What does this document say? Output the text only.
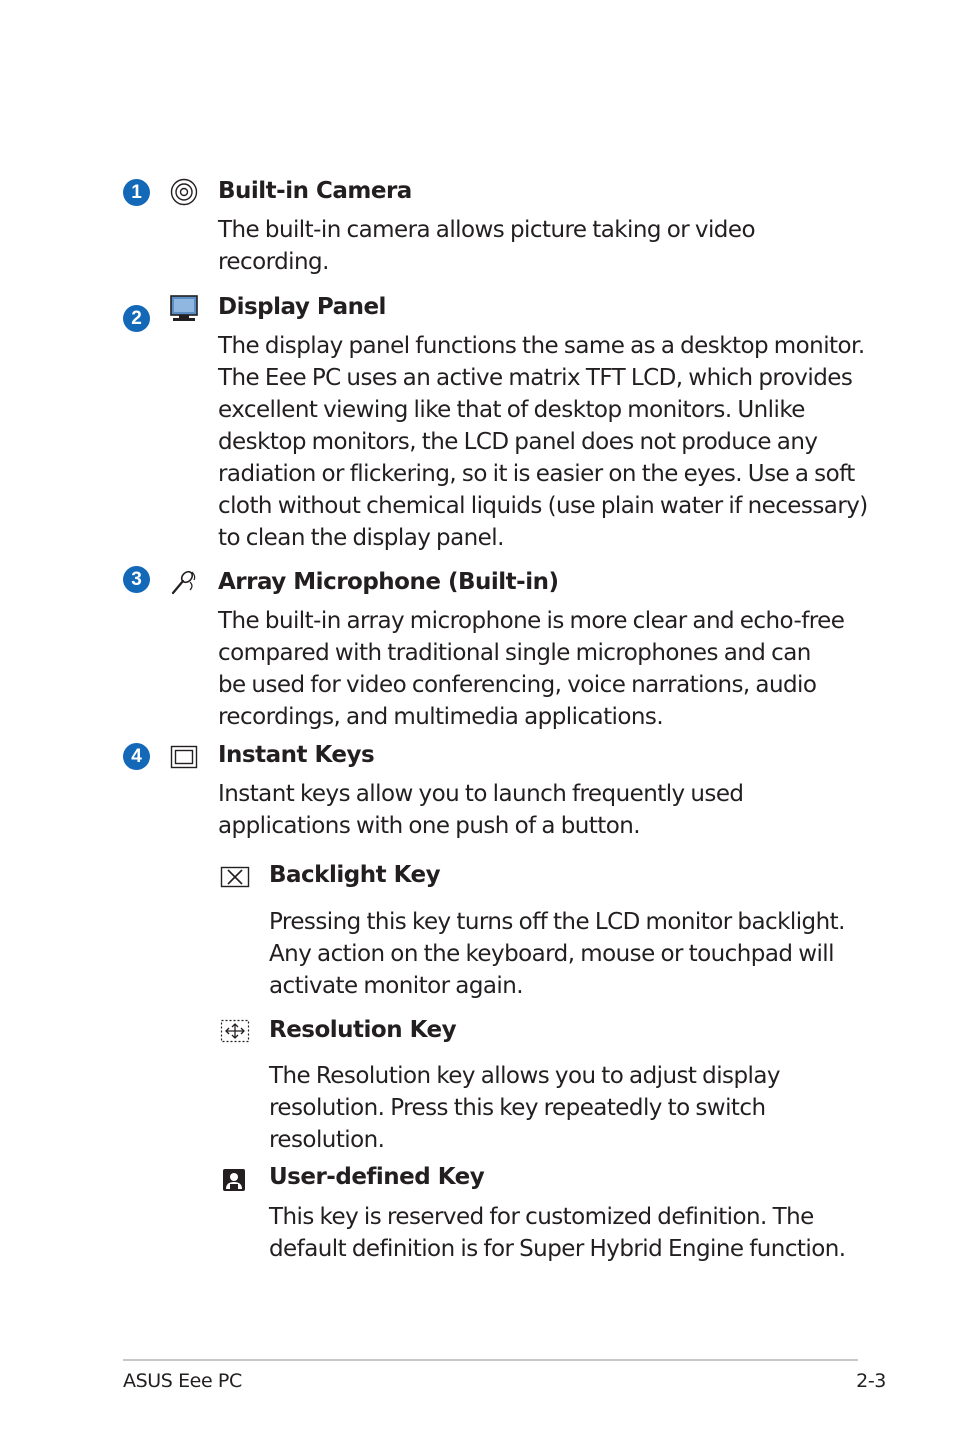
1	Built-in Camera
The built-in camera allows picture taking or video
recording.
2	Display Panel
The display panel functions the same as a desktop monitor.
The Eee PC uses an active matrix TFT LCD, which provides
excellent viewing like that of desktop monitors. Unlike
desktop monitors, the LCD panel does not produce any
radiation or flickering, so it is easier on the eyes. Use a soft
cloth without chemical liquids (use plain water if necessary)
to clean the display panel.
3	Array Microphone (Built-in)
The built-in array microphone is more clear and echo-free
compared with traditional single microphones and can
be used for video conferencing, voice narrations, audio
recordings, and multimedia applications.
4	Instant Keys
Instant keys allow you to launch frequently used
applications with one push of a button.
Backlight Key
Pressing this key turns off the LCD monitor backlight.
Any action on the keyboard, mouse or touchpad will
activate monitor again.
Resolution Key
The Resolution key allows you to adjust display
resolution. Press this key repeatedly to switch
resolution.
User-defined Key
This key is reserved for customized definition. The
default definition is for Super Hybrid Engine function.
ASUS Eee PC	2-3
